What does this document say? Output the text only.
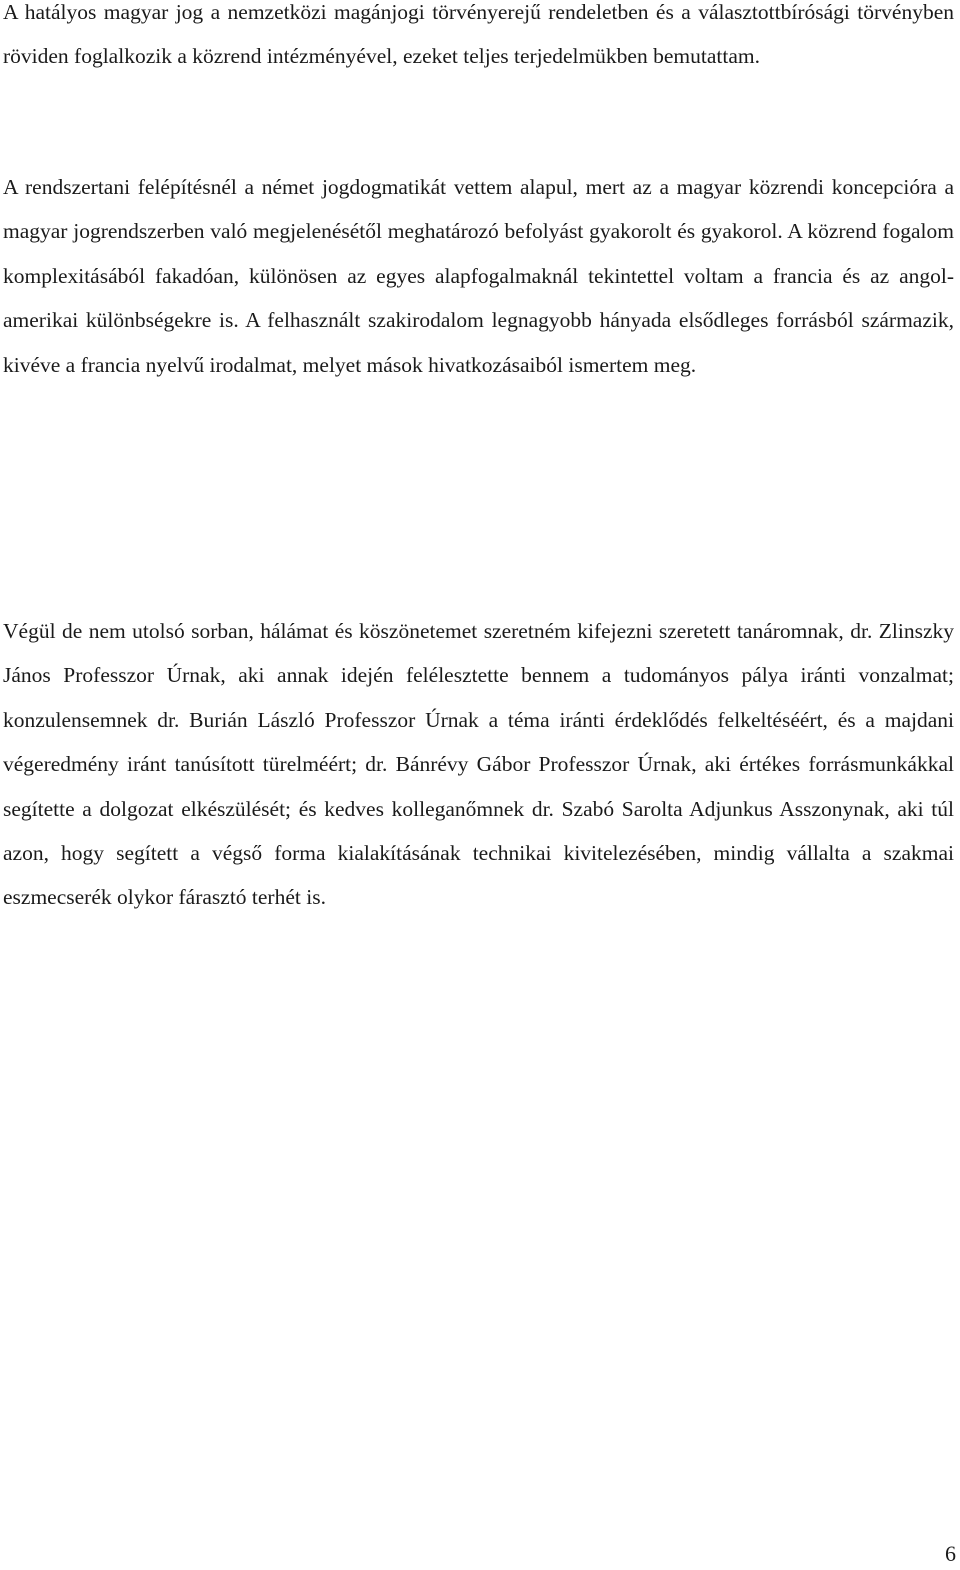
A hatályos magyar jog a nemzetközi magánjogi törvényerejű rendeletben és a választottbírósági törvényben röviden foglalkozik a közrend intézményével, ezeket teljes terjedelmükben bemutattam.

A rendszertani felépítésnél a német jogdogmatikát vettem alapul, mert az a magyar közrendi koncepcióra a magyar jogrendszerben való megjelenésétől meghatározó befolyást gyakorolt és gyakorol. A közrend fogalom komplexitásából fakadóan, különösen az egyes alapfogalmaknál tekintettel voltam a francia és az angol-amerikai különbségekre is. A felhasznált szakirodalom legnagyobb hányada elsődleges forrásból származik, kivéve a francia nyelvű irodalmat, melyet mások hivatkozásaiból ismertem meg.

Végül de nem utolsó sorban, hálámat és köszönetemet szeretném kifejezni szeretett tanáromnak, dr. Zlinszky János Professzor Úrnak, aki annak idején felélesztette bennem a tudományos pálya iránti vonzalmat; konzulensemnek dr. Burián László Professzor Úrnak a téma iránti érdeklődés felkeltéséért, és a majdani végeredmény iránt tanúsított türelméért; dr. Bánrévy Gábor Professzor Úrnak, aki értékes forrásmunkákkal segítette a dolgozat elkészülését; és kedves kolleganőmnek dr. Szabó Sarolta Adjunkus Asszonynak, aki túl azon, hogy segített a végső forma kialakításának technikai kivitelezésében, mindig vállalta a szakmai eszmecserék olykor fárasztó terhét is.

6
